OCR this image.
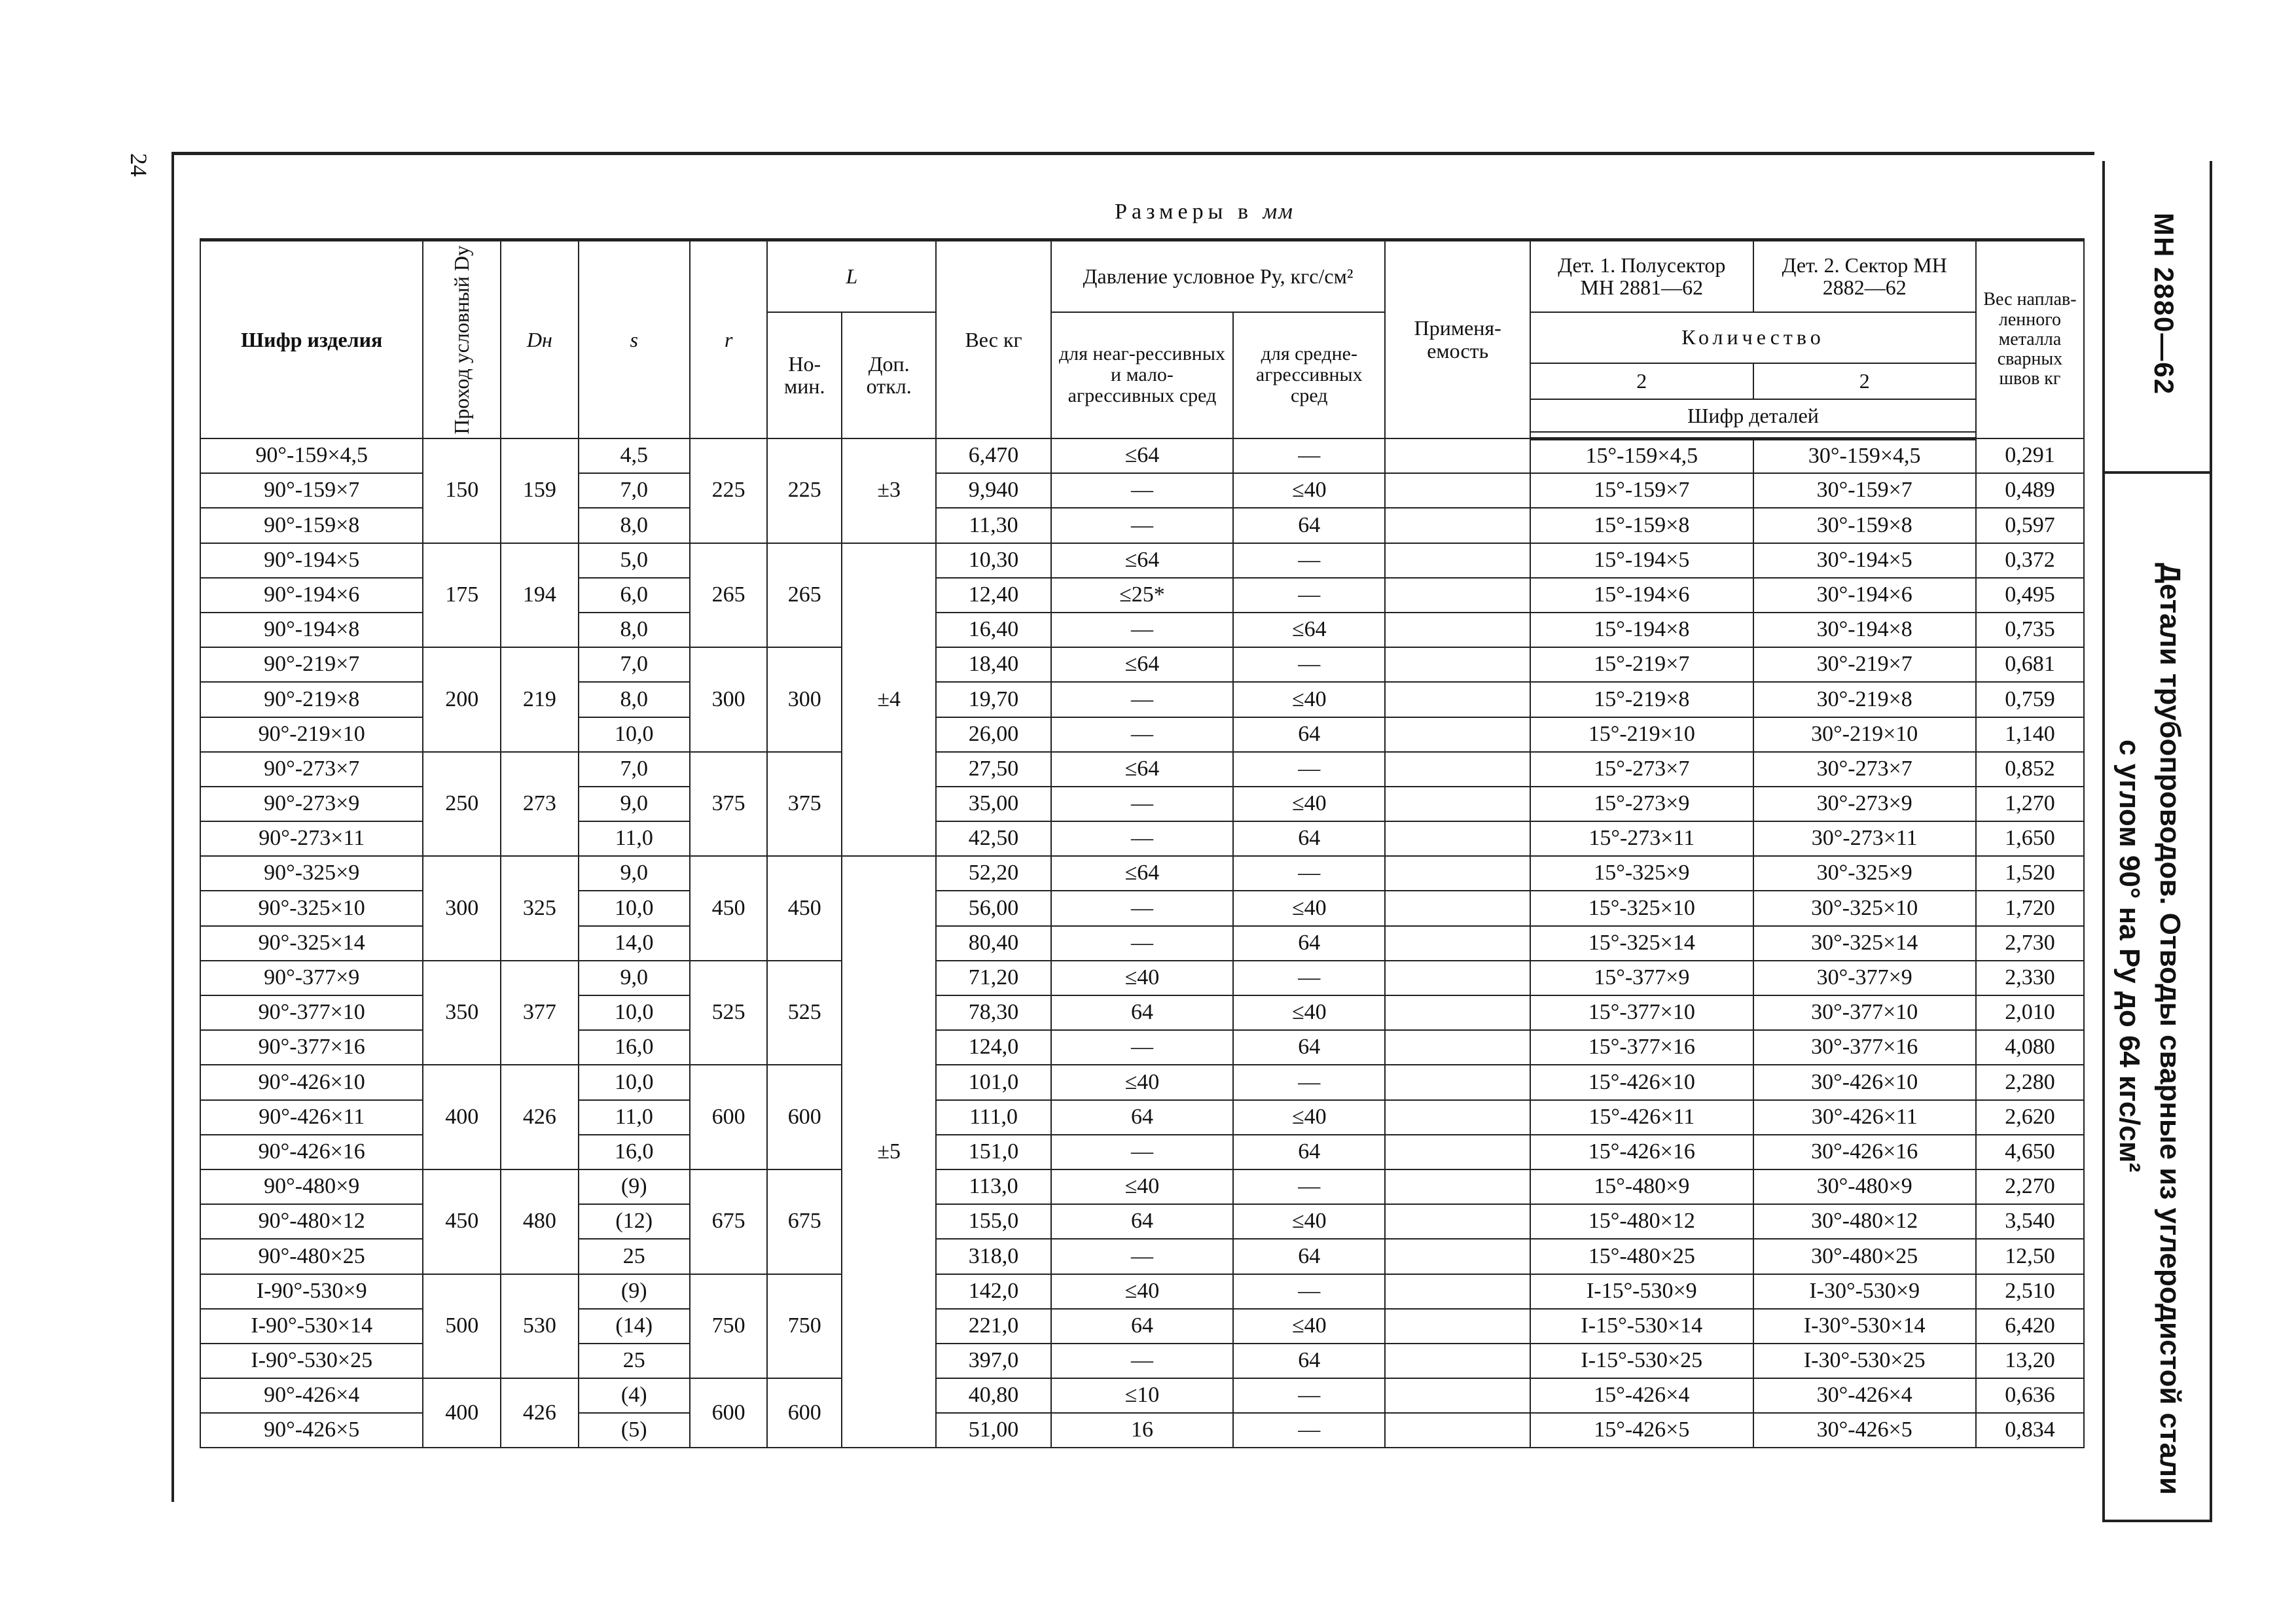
24
Размеры в мм
Шифр изделия	Проход условный Dу	Dн	s	r	L		Вес кг	Давление условное Pу, кгс/см²		Применя-емость	Дет. 1. Полусектор МН 2881—62	Дет. 2. Сектор МН 2882—62	Вес наплав-ленного металла сварных швов кг
					Но-мин.	Доп. откл.		для неаг-рессивных и мало-агрессивных сред	для средне-агрессивных сред		Количество		
											2	2	
											Шифр деталей		

90°-159×4,5	150	159	4,5	225	225	±3	6,470	≤64	—		15°-159×4,5	30°-159×4,5	0,291
90°-159×7			7,0				9,940	—	≤40		15°-159×7	30°-159×7	0,489
90°-159×8			8,0				11,30	—	64		15°-159×8	30°-159×8	0,597
90°-194×5	175	194	5,0	265	265	±4	10,30	≤64	—		15°-194×5	30°-194×5	0,372
90°-194×6			6,0				12,40	≤25*	—		15°-194×6	30°-194×6	0,495
90°-194×8			8,0				16,40	—	≤64		15°-194×8	30°-194×8	0,735
90°-219×7	200	219	7,0	300	300		18,40	≤64	—		15°-219×7	30°-219×7	0,681
90°-219×8			8,0				19,70	—	≤40		15°-219×8	30°-219×8	0,759
90°-219×10			10,0				26,00	—	64		15°-219×10	30°-219×10	1,140
90°-273×7	250	273	7,0	375	375		27,50	≤64	—		15°-273×7	30°-273×7	0,852
90°-273×9			9,0				35,00	—	≤40		15°-273×9	30°-273×9	1,270
90°-273×11			11,0				42,50	—	64		15°-273×11	30°-273×11	1,650
90°-325×9	300	325	9,0	450	450	±5	52,20	≤64	—		15°-325×9	30°-325×9	1,520
90°-325×10			10,0				56,00	—	≤40		15°-325×10	30°-325×10	1,720
90°-325×14			14,0				80,40	—	64		15°-325×14	30°-325×14	2,730
90°-377×9	350	377	9,0	525	525		71,20	≤40	—		15°-377×9	30°-377×9	2,330
90°-377×10			10,0				78,30	64	≤40		15°-377×10	30°-377×10	2,010
90°-377×16			16,0				124,0	—	64		15°-377×16	30°-377×16	4,080
90°-426×10	400	426	10,0	600	600		101,0	≤40	—		15°-426×10	30°-426×10	2,280
90°-426×11			11,0				111,0	64	≤40		15°-426×11	30°-426×11	2,620
90°-426×16			16,0				151,0	—	64		15°-426×16	30°-426×16	4,650
90°-480×9	450	480	(9)	675	675		113,0	≤40	—		15°-480×9	30°-480×9	2,270
90°-480×12			(12)				155,0	64	≤40		15°-480×12	30°-480×12	3,540
90°-480×25			25				318,0	—	64		15°-480×25	30°-480×25	12,50
I-90°-530×9	500	530	(9)	750	750		142,0	≤40	—		I-15°-530×9	I-30°-530×9	2,510
I-90°-530×14			(14)				221,0	64	≤40		I-15°-530×14	I-30°-530×14	6,420
I-90°-530×25			25				397,0	—	64		I-15°-530×25	I-30°-530×25	13,20
90°-426×4	400	426	(4)	600	600		40,80	≤10	—		15°-426×4	30°-426×4	0,636
90°-426×5			(5)				51,00	16	—		15°-426×5	30°-426×5	0,834
МН 2880—62
Детали трубопроводов. Отводы сварные из углеродистой стали
с углом 90° на Pу до 64 кгс/см²
